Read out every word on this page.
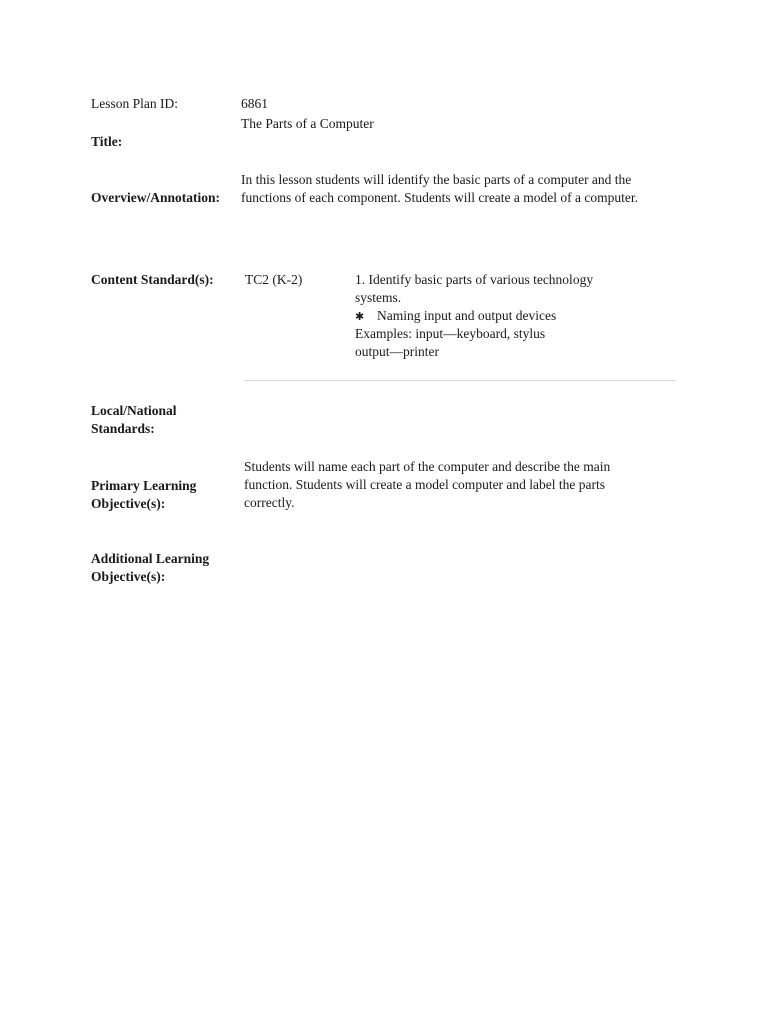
Lesson Plan ID:	6861
The Parts of a Computer
Title:
Overview/Annotation:
In this lesson students will identify the basic parts of a computer and the functions of each component. Students will create a model of a computer.
Content Standard(s): TC2 (K-2)	1. Identify basic parts of various technology
systems.
✱ Naming input and output devices
Examples: input—keyboard, stylus
output—printer
Local/National
Standards:
Primary Learning
Objective(s):
Students will name each part of the computer and describe the main
function. Students will create a model computer and label the parts
correctly.
Additional Learning
Objective(s):
